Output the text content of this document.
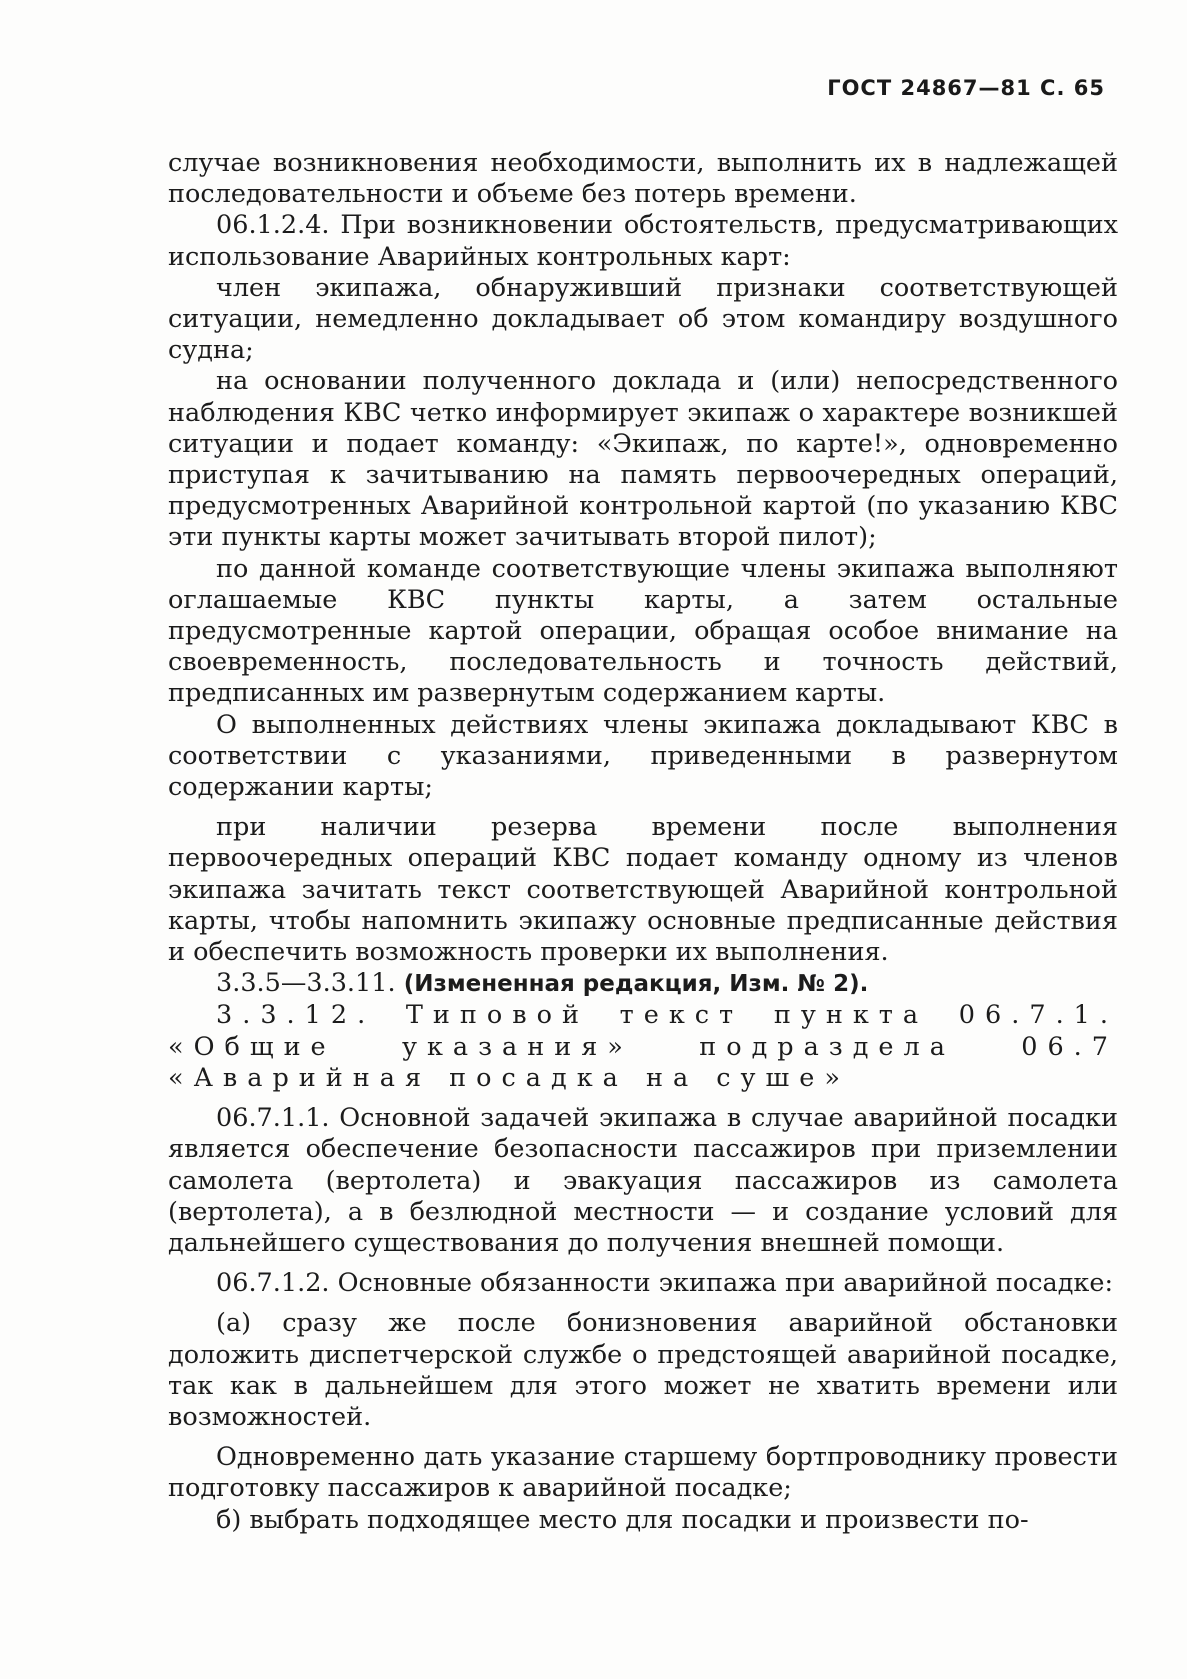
ГОСТ 24867—81 С. 65

случае возникновения необходимости, выполнить их в надлежащей последовательности и объеме без потерь времени.

06.1.2.4. При возникновении обстоятельств, предусматривающих использование Аварийных контрольных карт:

член экипажа, обнаруживший признаки соответствующей ситуации, немедленно докладывает об этом командиру воздушного судна;

на основании полученного доклада и (или) непосредственного наблюдения КВС четко информирует экипаж о характере возникшей ситуации и подает команду: «Экипаж, по карте!», одновременно приступая к зачитыванию на память первоочередных операций, предусмотренных Аварийной контрольной картой (по указанию КВС эти пункты карты может зачитывать второй пилот);

по данной команде соответствующие члены экипажа выполняют оглашаемые КВС пункты карты, а затем остальные предусмотренные картой операции, обращая особое внимание на своевременность, последовательность и точность действий, предписанных им развернутым содержанием карты.

О выполненных действиях члены экипажа докладывают КВС в соответствии с указаниями, приведенными в развернутом содержании карты;

при наличии резерва времени после выполнения первоочередных операций КВС подает команду одному из членов экипажа зачитать текст соответствующей Аварийной контрольной карты, чтобы напомнить экипажу основные предписанные действия и обеспечить возможность проверки их выполнения.

3.3.5—3.3.11. (Измененная редакция, Изм. № 2).

3.3.12. Типовой текст пункта 06.7.1. «Общие указания» подраздела 06.7 «Аварийная посадка на суше»

06.7.1.1. Основной задачей экипажа в случае аварийной посадки является обеспечение безопасности пассажиров при приземлении самолета (вертолета) и эвакуация пассажиров из самолета (вертолета), а в безлюдной местности — и создание условий для дальнейшего существования до получения внешней помощи.

06.7.1.2. Основные обязанности экипажа при аварийной посадке:

(а) сразу же после бонизновения аварийной обстановки доложить диспетчерской службе о предстоящей аварийной посадке, так как в дальнейшем для этого может не хватить времени или возможностей.

Одновременно дать указание старшему бортпроводнику провести подготовку пассажиров к аварийной посадке;

б) выбрать подходящее место для посадки и произвести по-
